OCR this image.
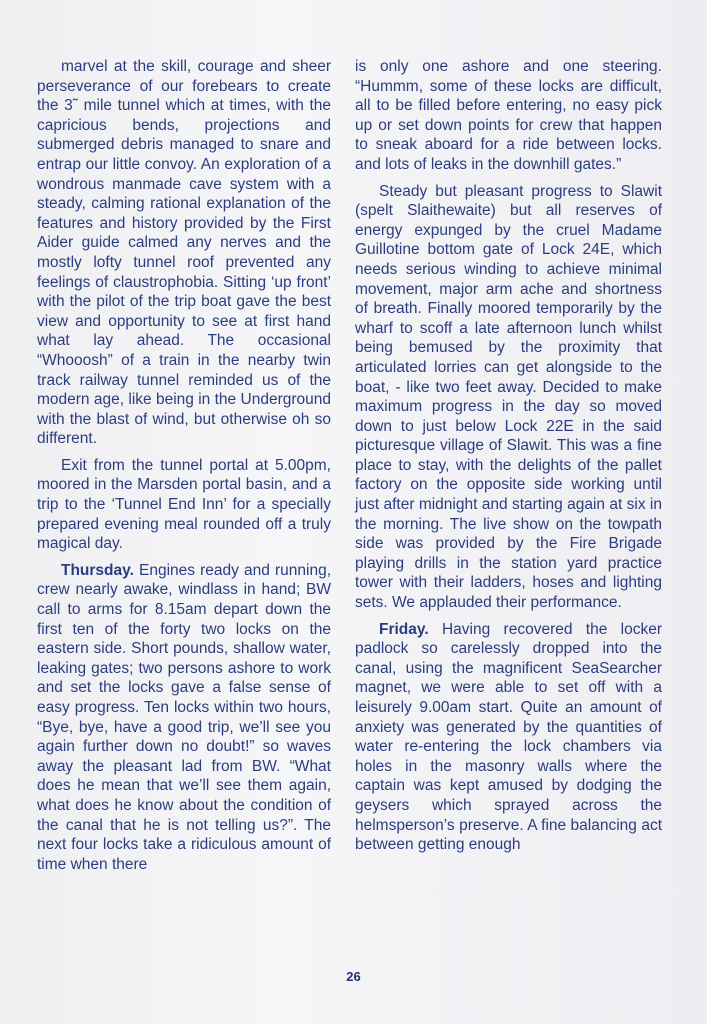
marvel at the skill, courage and sheer perseverance of our forebears to create the 3˜ mile tunnel which at times, with the capricious bends, projections and submerged debris managed to snare and entrap our little convoy. An exploration of a wondrous manmade cave system with a steady, calming rational explanation of the features and history provided by the First Aider guide calmed any nerves and the mostly lofty tunnel roof prevented any feelings of claustrophobia. Sitting ‘up front’ with the pilot of the trip boat gave the best view and opportunity to see at first hand what lay ahead. The occasional “Whooosh” of a train in the nearby twin track railway tunnel reminded us of the modern age, like being in the Underground with the blast of wind, but otherwise oh so different.

Exit from the tunnel portal at 5.00pm, moored in the Marsden portal basin, and a trip to the ‘Tunnel End Inn’ for a specially prepared evening meal rounded off a truly magical day.

Thursday. Engines ready and running, crew nearly awake, windlass in hand; BW call to arms for 8.15am depart down the first ten of the forty two locks on the eastern side. Short pounds, shallow water, leaking gates; two persons ashore to work and set the locks gave a false sense of easy progress. Ten locks within two hours, “Bye, bye, have a good trip, we’ll see you again further down no doubt!” so waves away the pleasant lad from BW. “What does he mean that we’ll see them again, what does he know about the condition of the canal that he is not telling us?”. The next four locks take a ridiculous amount of time when there

is only one ashore and one steering. “Hummm, some of these locks are difficult, all to be filled before entering, no easy pick up or set down points for crew that happen to sneak aboard for a ride between locks. and lots of leaks in the downhill gates.”

Steady but pleasant progress to Slawit (spelt Slaithewaite) but all reserves of energy expunged by the cruel Madame Guillotine bottom gate of Lock 24E, which needs serious winding to achieve minimal movement, major arm ache and shortness of breath. Finally moored temporarily by the wharf to scoff a late afternoon lunch whilst being bemused by the proximity that articulated lorries can get alongside to the boat, - like two feet away. Decided to make maximum progress in the day so moved down to just below Lock 22E in the said picturesque village of Slawit. This was a fine place to stay, with the delights of the pallet factory on the opposite side working until just after midnight and starting again at six in the morning. The live show on the towpath side was provided by the Fire Brigade playing drills in the station yard practice tower with their ladders, hoses and lighting sets. We applauded their performance.

Friday. Having recovered the locker padlock so carelessly dropped into the canal, using the magnificent SeaSearcher magnet, we were able to set off with a leisurely 9.00am start. Quite an amount of anxiety was generated by the quantities of water re-entering the lock chambers via holes in the masonry walls where the captain was kept amused by dodging the geysers which sprayed across the helmsperson’s preserve. A fine balancing act between getting enough

26
